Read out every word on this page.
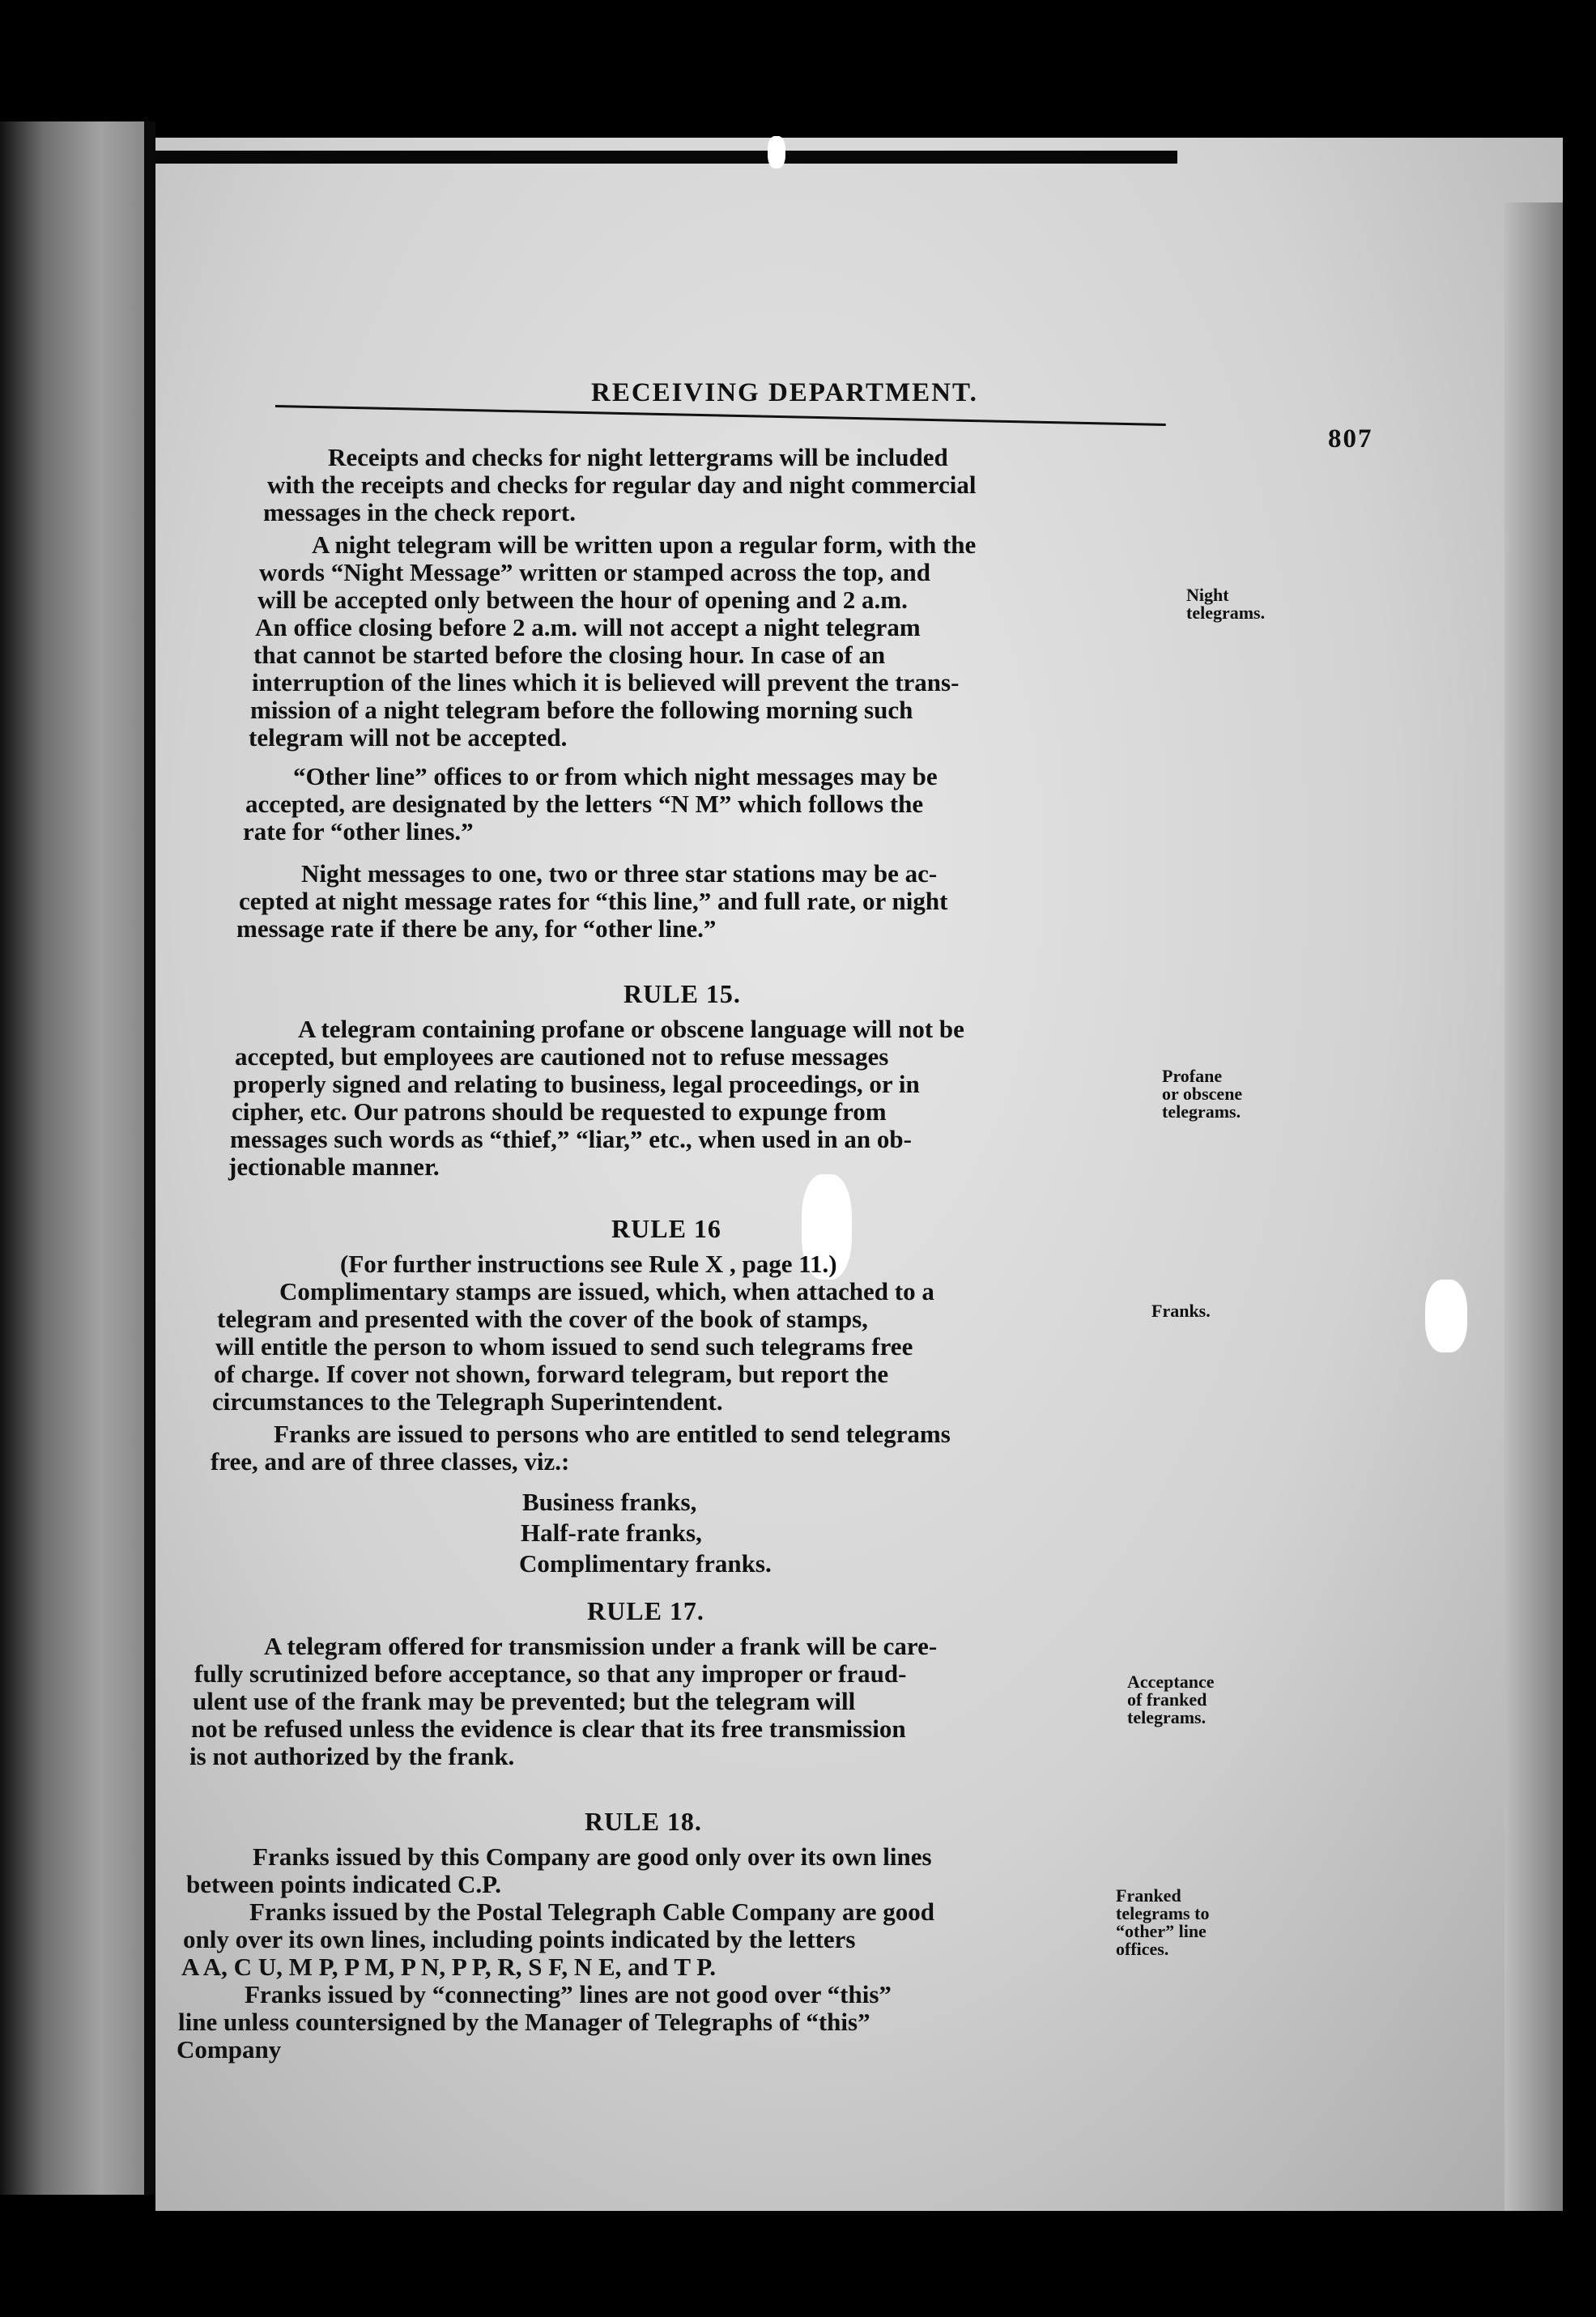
RECEIVING DEPARTMENT.
807
Receipts and checks for night lettergrams will be included
with the receipts and checks for regular day and night commercial
messages in the check report.
A night telegram will be written upon a regular form, with the
words “Night Message” written or stamped across the top, and
will be accepted only between the hour of opening and 2 a.m.
An office closing before 2 a.m. will not accept a night telegram
that cannot be started before the closing hour. In case of an
interruption of the lines which it is believed will prevent the trans-
mission of a night telegram before the following morning such
telegram will not be accepted.
“Other line” offices to or from which night messages may be
accepted, are designated by the letters “N M” which follows the
rate for “other lines.”
Night messages to one, two or three star stations may be ac-
cepted at night message rates for “this line,” and full rate, or night
message rate if there be any, for “other line.”
RULE 15.
A telegram containing profane or obscene language will not be
accepted, but employees are cautioned not to refuse messages
properly signed and relating to business, legal proceedings, or in
cipher, etc. Our patrons should be requested to expunge from
messages such words as “thief,” “liar,” etc., when used in an ob-
jectionable manner.
RULE 16
(For further instructions see Rule X , page 11.)
Complimentary stamps are issued, which, when attached to a
telegram and presented with the cover of the book of stamps,
will entitle the person to whom issued to send such telegrams free
of charge. If cover not shown, forward telegram, but report the
circumstances to the Telegraph Superintendent.
Franks are issued to persons who are entitled to send telegrams
free, and are of three classes, viz.:
Business franks,
Half-rate franks,
Complimentary franks.
RULE 17.
A telegram offered for transmission under a frank will be care-
fully scrutinized before acceptance, so that any improper or fraud-
ulent use of the frank may be prevented; but the telegram will
not be refused unless the evidence is clear that its free transmission
is not authorized by the frank.
RULE 18.
Franks issued by this Company are good only over its own lines
between points indicated C.P.
Franks issued by the Postal Telegraph Cable Company are good
only over its own lines, including points indicated by the letters
A A, C U, M P, P M, P N, P P, R, S F, N E, and T P.
Franks issued by “connecting” lines are not good over “this”
line unless countersigned by the Manager of Telegraphs of “this”
Company
Night
telegrams.
Profane
or obscene
telegrams.
Franks.
Acceptance
of franked
telegrams.
Franked
telegrams to
“other” line
offices.
